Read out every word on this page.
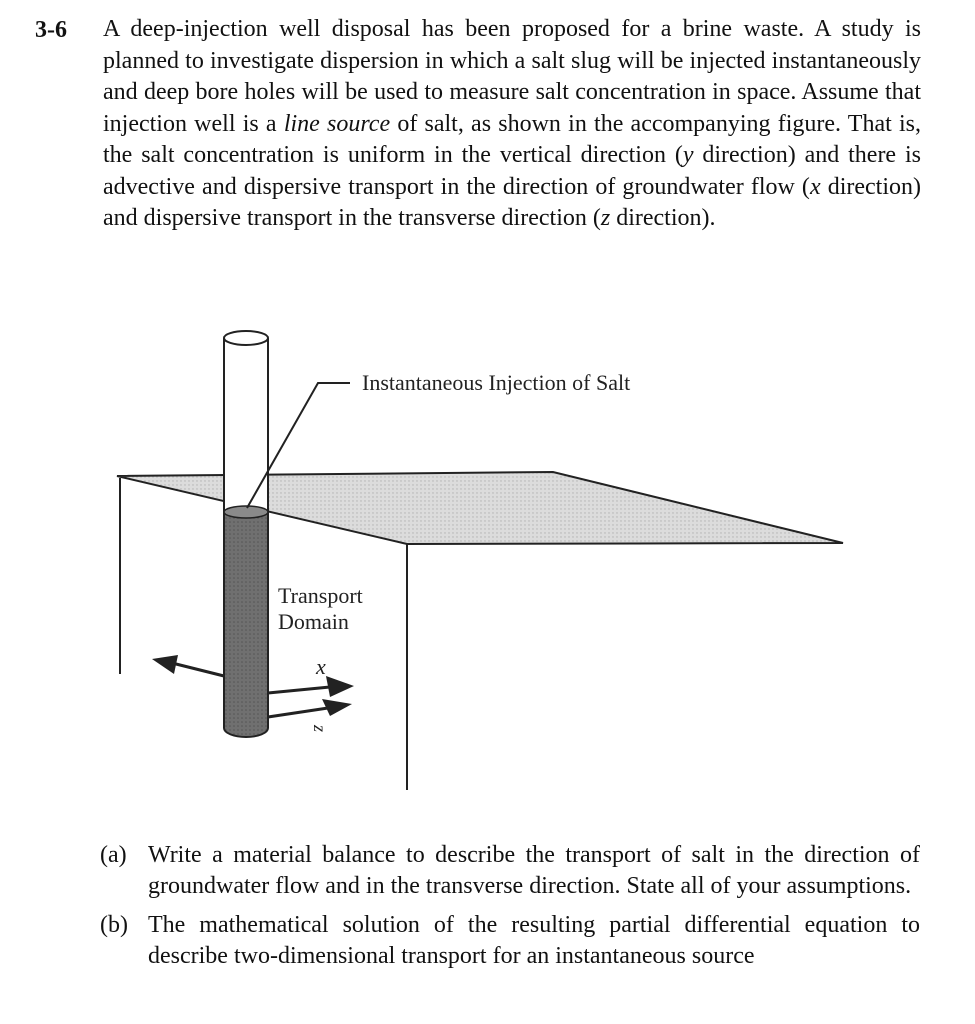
3-6 A deep-injection well disposal has been proposed for a brine waste. A study is planned to investigate dispersion in which a salt slug will be injected instantaneously and deep bore holes will be used to measure salt concentration in space. Assume that injection well is a line source of salt, as shown in the accompanying figure. That is, the salt concentration is uniform in the vertical direction (y direction) and there is advective and dispersive transport in the direction of groundwater flow (x direction) and dispersive transport in the transverse direction (z direction).

Instantaneous Injection of Salt
Transport
Domain
x
z
(a) Write a material balance to describe the transport of salt in the direction of groundwater flow and in the transverse direction. State all of your assumptions.
(b) The mathematical solution of the resulting partial differential equation to describe two-dimensional transport for an instantaneous source
